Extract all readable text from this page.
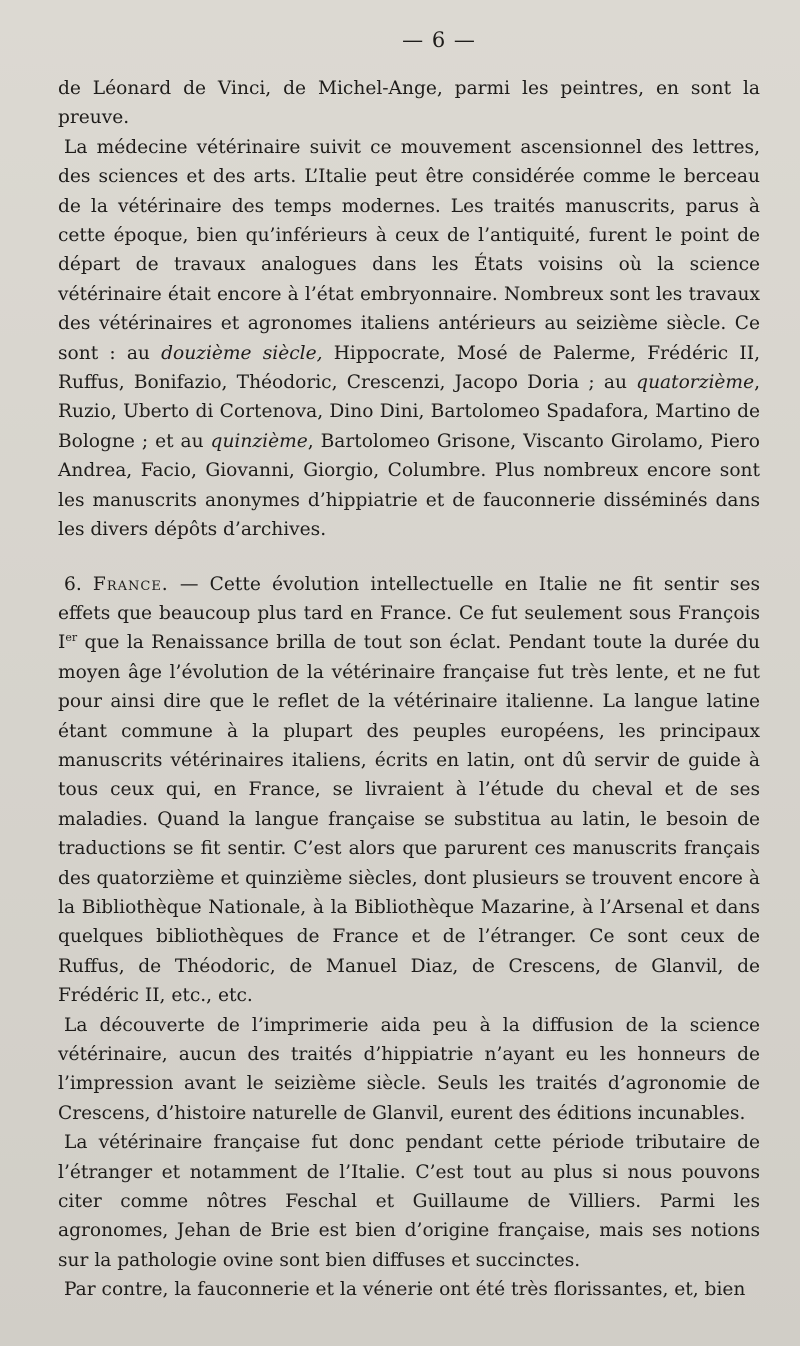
— 6 —

de Léonard de Vinci, de Michel-Ange, parmi les peintres, en sont la preuve.

La médecine vétérinaire suivit ce mouvement ascensionnel des lettres, des sciences et des arts. L’Italie peut être considérée comme le berceau de la vétérinaire des temps modernes. Les traités manuscrits, parus à cette époque, bien qu’inférieurs à ceux de l’antiquité, furent le point de départ de travaux analogues dans les États voisins où la science vétérinaire était encore à l’état embryonnaire. Nombreux sont les travaux des vétérinaires et agronomes italiens antérieurs au seizième siècle. Ce sont : au douzième siècle, Hippocrate, Mosé de Palerme, Frédéric II, Ruffus, Bonifazio, Théodoric, Crescenzi, Jacopo Doria ; au quatorzième, Ruzio, Uberto di Cortenova, Dino Dini, Bartolomeo Spadafora, Martino de Bologne ; et au quinzième, Bartolomeo Grisone, Viscanto Girolamo, Piero Andrea, Facio, Giovanni, Giorgio, Columbre. Plus nombreux encore sont les manuscrits anonymes d’hippiatrie et de fauconnerie disséminés dans les divers dépôts d’archives.

6. France. — Cette évolution intellectuelle en Italie ne fit sentir ses effets que beaucoup plus tard en France. Ce fut seulement sous François Ier que la Renaissance brilla de tout son éclat. Pendant toute la durée du moyen âge l’évolution de la vétérinaire française fut très lente, et ne fut pour ainsi dire que le reflet de la vétérinaire italienne. La langue latine étant commune à la plupart des peuples européens, les principaux manuscrits vétérinaires italiens, écrits en latin, ont dû servir de guide à tous ceux qui, en France, se livraient à l’étude du cheval et de ses maladies. Quand la langue française se substitua au latin, le besoin de traductions se fit sentir. C’est alors que parurent ces manuscrits français des quatorzième et quinzième siècles, dont plusieurs se trouvent encore à la Bibliothèque Nationale, à la Bibliothèque Mazarine, à l’Arsenal et dans quelques bibliothèques de France et de l’étranger. Ce sont ceux de Ruffus, de Théodoric, de Manuel Diaz, de Crescens, de Glanvil, de Frédéric II, etc., etc.

La découverte de l’imprimerie aida peu à la diffusion de la science vétérinaire, aucun des traités d’hippiatrie n’ayant eu les honneurs de l’impression avant le seizième siècle. Seuls les traités d’agronomie de Crescens, d’histoire naturelle de Glanvil, eurent des éditions incunables.

La vétérinaire française fut donc pendant cette période tributaire de l’étranger et notamment de l’Italie. C’est tout au plus si nous pouvons citer comme nôtres Feschal et Guillaume de Villiers. Parmi les agronomes, Jehan de Brie est bien d’origine française, mais ses notions sur la pathologie ovine sont bien diffuses et succinctes.

Par contre, la fauconnerie et la vénerie ont été très florissantes, et, bien
